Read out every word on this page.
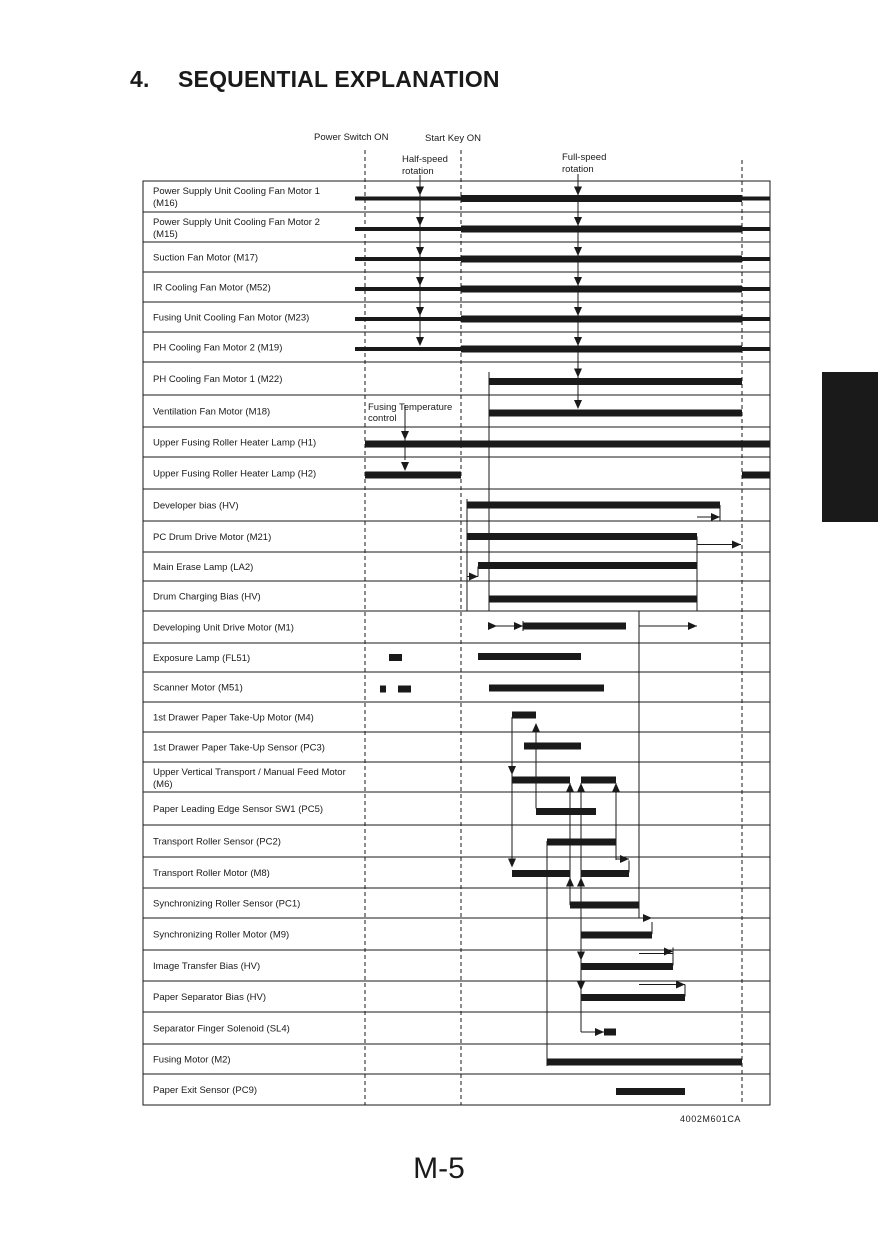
4. SEQUENTIAL EXPLANATION
Power Switch ON	Start Key ON
Half-speed
rotation
Full-speed
rotation
Power Supply Unit Cooling Fan Motor 1
(M16)
Power Supply Unit Cooling Fan Motor 2
(M15)
Suction Fan Motor (M17)
IR Cooling Fan Motor (M52)
Fusing Unit Cooling Fan Motor (M23)
PH Cooling Fan Motor 2 (M19)
PH Cooling Fan Motor 1 (M22)
Ventilation Fan Motor (M18)
Upper Fusing Roller Heater Lamp (H1)
Upper Fusing Roller Heater Lamp (H2)
Developer bias (HV)
PC Drum Drive Motor (M21)
Main Erase Lamp (LA2)
Drum Charging Bias (HV)
Developing Unit Drive Motor (M1)
Exposure Lamp (FL51)
Scanner Motor (M51)
1st Drawer Paper Take-Up Motor (M4)
1st Drawer Paper Take-Up Sensor (PC3)
Upper Vertical Transport / Manual Feed Motor
(M6)
Paper Leading Edge Sensor SW1 (PC5)
Transport Roller Sensor (PC2)
Transport Roller Motor (M8)
Synchronizing Roller Sensor (PC1)
Synchronizing Roller Motor (M9)
Image Transfer Bias (HV)
Paper Separator Bias (HV)
Separator Finger Solenoid (SL4)
Fusing Motor (M2)
Paper Exit Sensor (PC9)
Fusing Temperature
control
4002M601CA
M-5
